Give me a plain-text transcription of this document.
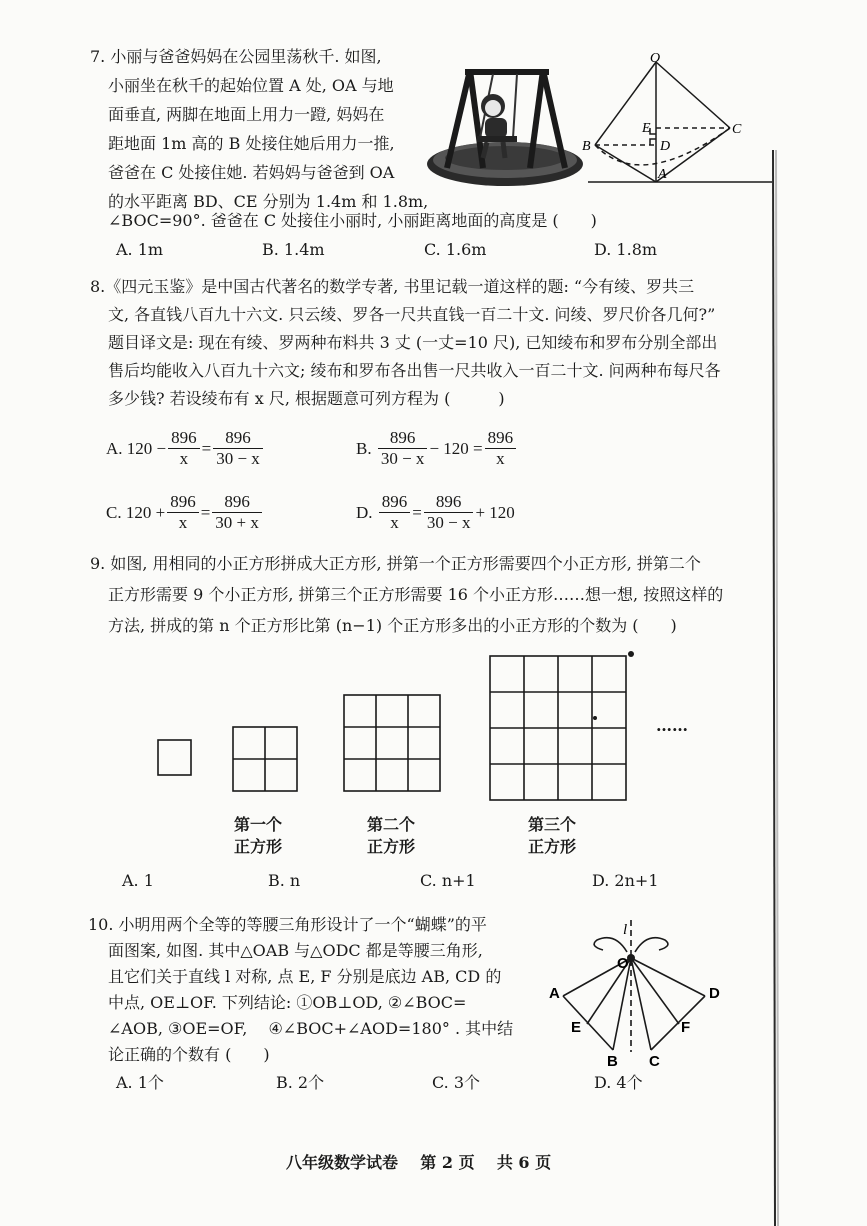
7. 小丽与爸爸妈妈在公园里荡秋千. 如图,
小丽坐在秋千的起始位置 A 处, OA 与地
面垂直, 两脚在地面上用力一蹬, 妈妈在
距地面 1m 高的 B 处接住她后用力一推,
爸爸在 C 处接住她. 若妈妈与爸爸到 OA
的水平距离 BD、CE 分别为 1.4m 和 1.8m,
∠BOC=90°. 爸爸在 C 处接住小丽时, 小丽距离地面的高度是 (　　)
A. 1m	B. 1.4m	C. 1.6m	D. 1.8m
O
B
E
D
C
A
8.《四元玉鉴》是中国古代著名的数学专著, 书里记载一道这样的题: “今有绫、罗共三
文, 各直钱八百九十六文. 只云绫、罗各一尺共直钱一百二十文. 问绫、罗尺价各几何?”
题目译文是: 现在有绫、罗两种布料共 3 丈 (一丈=10 尺), 已知绫布和罗布分别全部出
售后均能收入八百九十六文; 绫布和罗布各出售一尺共收入一百二十文. 问两种布每尺各
多少钱? 若设绫布有 x 尺, 根据题意可列方程为 (　　　)
A.
$120 - \frac{896}{x} = \frac{896}{30 - x}$	B.
$\frac{896}{30 - x} - 120 = \frac{896}{x}$
C.
$120 + \frac{896}{x} = \frac{896}{30 + x}$	D.
$\frac{896}{x} = \frac{896}{30 - x} + 120$
9. 如图, 用相同的小正方形拼成大正方形, 拼第一个正方形需要四个小正方形, 拼第二个
正方形需要 9 个小正方形, 拼第三个正方形需要 16 个小正方形……想一想, 按照这样的
方法, 拼成的第 n 个正方形比第 (n−1) 个正方形多出的小正方形的个数为 (　　)
……
第一个
正方形
第二个
正方形
第三个
正方形
A. 1	B. n	C. n+1	D. 2n+1
10. 小明用两个全等的等腰三角形设计了一个“蝴蝶”的平
面图案, 如图. 其中△OAB 与△ODC 都是等腰三角形,
且它们关于直线 l 对称, 点 E, F 分别是底边 AB, CD 的
中点, OE⊥OF. 下列结论: ①OB⊥OD, ②∠BOC=
∠AOB, ③OE=OF, 　④∠BOC+∠AOD=180° . 其中结
论正确的个数有 (　　)
A. 1个	B. 2个	C. 3个	D. 4个
l
O
A	D
E	F
B C
八年级数学试卷 第 2 页 共 6 页
